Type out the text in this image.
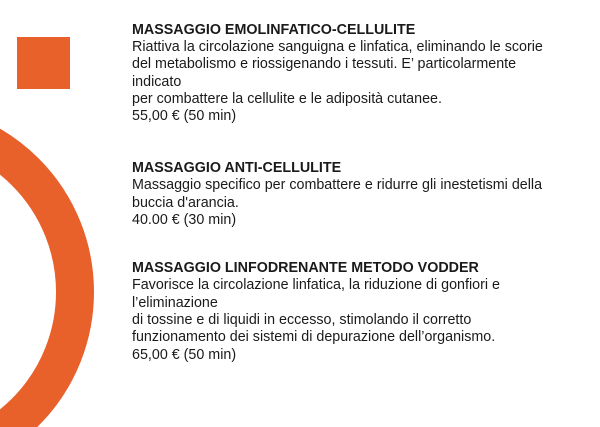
MASSAGGIO EMOLINFATICO-CELLULITE

Riattiva la circolazione sanguigna e linfatica, eliminando le scorie
del metabolismo e riossigenando i tessuti. E’ particolarmente
indicato
per combattere la cellulite e le adiposità cutanee.

55,00 € (50 min)

MASSAGGIO ANTI-CELLULITE

Massaggio specifico per combattere e ridurre gli inestetismi della
buccia d'arancia.

40.00 € (30 min)

MASSAGGIO LINFODRENANTE METODO VODDER

Favorisce la circolazione linfatica, la riduzione di gonfiori e
l’eliminazione
di tossine e di liquidi in eccesso, stimolando il corretto
funzionamento dei sistemi di depurazione dell’organismo.

65,00 € (50 min)
